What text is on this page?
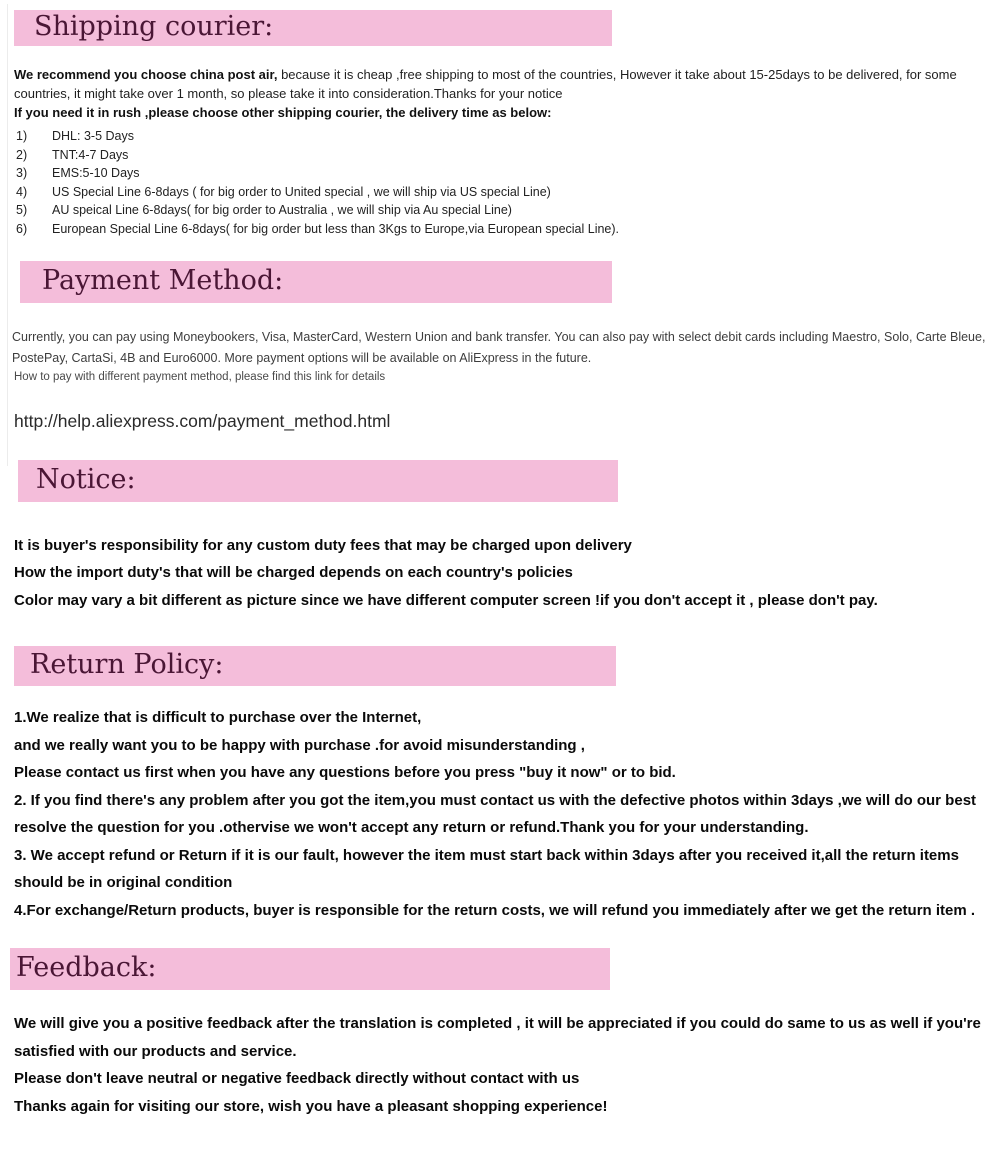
Shipping courier:

We recommend you choose china post air, because it is cheap ,free shipping to most of the countries, However it take about 15-25days to be delivered, for some countries, it might take over 1 month, so please take it into consideration.Thanks for your notice

If you need it in rush ,please choose other shipping courier, the delivery time as below:

1)	DHL: 3-5 Days
2)	TNT:4-7 Days
3)	EMS:5-10 Days
4)	US Special Line 6-8days ( for big order to United special , we will ship via US special Line)
5)	AU speical Line 6-8days( for big order to Australia , we will ship via Au special Line)
6)	European Special Line 6-8days( for big order but less than 3Kgs to Europe,via European special Line).
Payment Method:

Currently, you can pay using Moneybookers, Visa, MasterCard, Western Union and bank transfer. You can also pay with select debit cards including Maestro, Solo, Carte Bleue, PostePay, CartaSi, 4B and Euro6000. More payment options will be available on AliExpress in the future.

How to pay with different payment method, please find this link for details

http://help.aliexpress.com/payment_method.html
Notice:

It is buyer's responsibility for any custom duty fees that may be charged upon delivery

How the import duty's that will be charged depends on each country's policies

Color may vary a bit different as picture since we have different computer screen !if you don't accept it , please don't pay.

Return Policy:

1.We realize that is difficult to purchase over the Internet,

and we really want you to be happy with purchase .for avoid misunderstanding ,

Please contact us first when you have any questions before you press "buy it now" or to bid.

2. If you find there's any problem after you got the item,you must contact us with the defective photos within 3days ,we will do our best resolve the question for you .othervise we won't accept any return or refund.Thank you for your understanding.

3. We accept refund or Return if it is our fault, however the item must start back within 3days after you received it,all the return items should be in original condition

4.For exchange/Return products, buyer is responsible for the return costs, we will refund you immediately after we get the return item .

Feedback:

We will give you a positive feedback after the translation is completed , it will be appreciated if you could do same to us as well if you're satisfied with our products and service.

Please don't leave neutral or negative feedback directly without contact with us

Thanks again for visiting our store, wish you have a pleasant shopping experience!
